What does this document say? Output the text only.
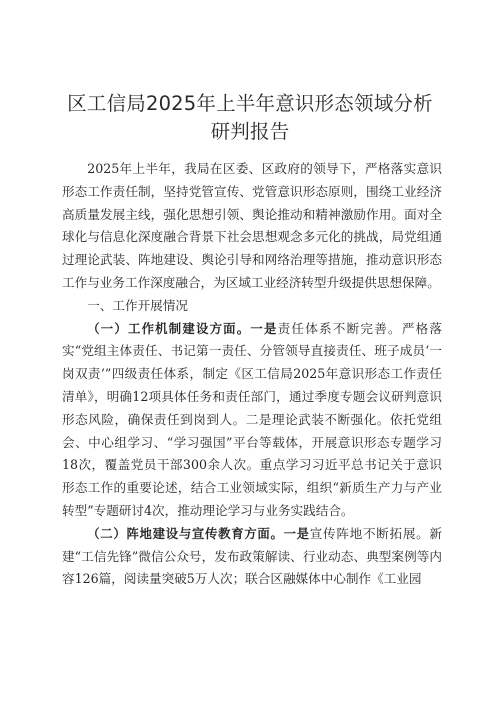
区工信局2025年上半年意识形态领域分析研判报告

2025年上半年，我局在区委、区政府的领导下，严格落实意识形态工作责任制，坚持党管宣传、党管意识形态原则，围绕工业经济高质量发展主线，强化思想引领、舆论推动和精神激励作用。面对全球化与信息化深度融合背景下社会思想观念多元化的挑战，局党组通过理论武装、阵地建设、舆论引导和网络治理等措施，推动意识形态工作与业务工作深度融合，为区域工业经济转型升级提供思想保障。

一、工作开展情况

（一）工作机制建设方面。一是责任体系不断完善。严格落实“党组主体责任、书记第一责任、分管领导直接责任、班子成员‘一岗双责’”四级责任体系，制定《区工信局2025年意识形态工作责任清单》，明确12项具体任务和责任部门，通过季度专题会议研判意识形态风险，确保责任到岗到人。二是理论武装不断强化。依托党组会、中心组学习、“学习强国”平台等载体，开展意识形态专题学习18次，覆盖党员干部300余人次。重点学习习近平总书记关于意识形态工作的重要论述，结合工业领域实际，组织“新质生产力与产业转型”专题研讨4次，推动理论学习与业务实践结合。

（二）阵地建设与宣传教育方面。一是宣传阵地不断拓展。新建“工信先锋”微信公众号，发布政策解读、行业动态、典型案例等内容126篇，阅读量突破5万人次；联合区融媒体中心制作《工业园
